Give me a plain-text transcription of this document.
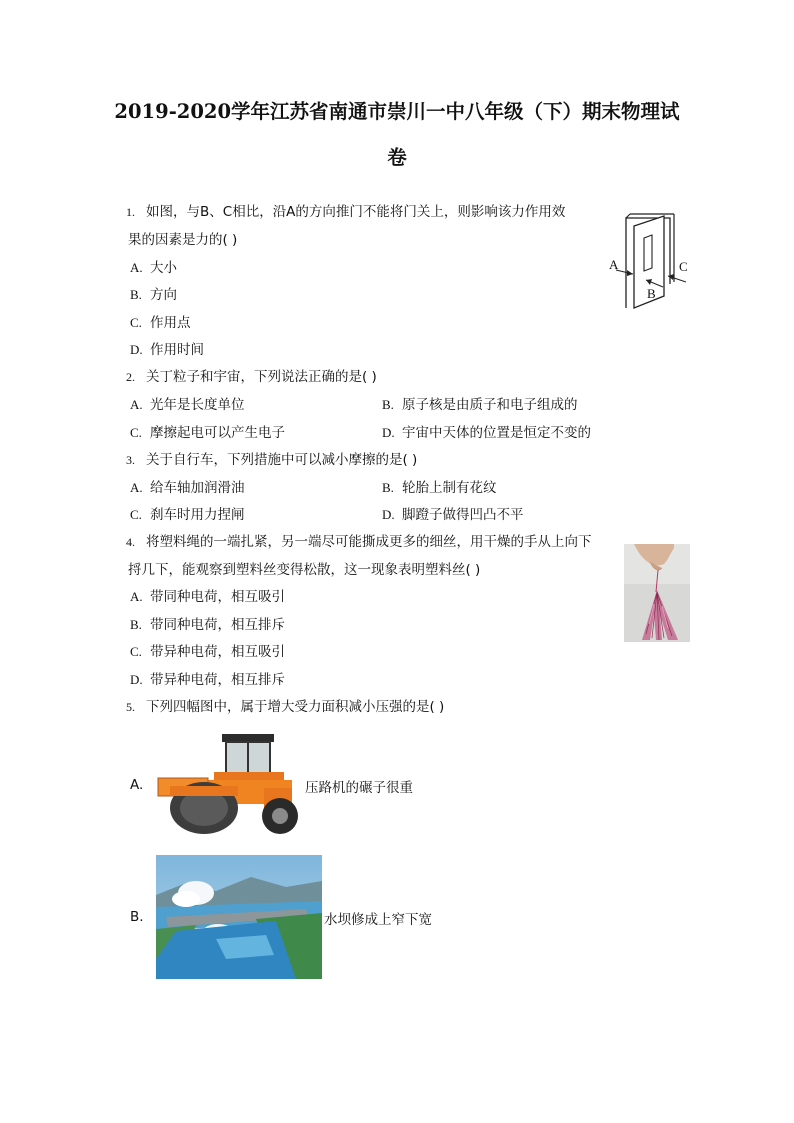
2019-2020学年江苏省南通市崇川一中八年级（下）期末物理试
卷
1. 如图，与B、C相比，沿A的方向推门不能将门关上，则影响该力作用效
果的因素是力的( )
A. 大小
B. 方向
C. 作用点
D. 作用时间
A
B
C
2. 关丁粒子和宇宙，下列说法正确的是( )
A. 光年是长度单位	B. 原子核是由质子和电子组成的
C. 摩擦起电可以产生电子	D. 宇宙中天体的位置是恒定不变的
3. 关于自行车，下列措施中可以减小摩擦的是( )
A. 给车轴加润滑油	B. 轮胎上制有花纹
C. 刹车时用力捏闸	D. 脚蹬子做得凹凸不平
4. 将塑料绳的一端扎紧，另一端尽可能撕成更多的细丝，用干燥的手从上向下
捋几下，能观察到塑料丝变得松散，这一现象表明塑料丝( )
A. 带同种电荷，相互吸引
B. 带同种电荷，相互排斥
C. 带异种电荷，相互吸引
D. 带异种电荷，相互排斥
5. 下列四幅图中，属于增大受力面积减小压强的是( )
A.	压路机的碾子很重
B.	水坝修成上窄下宽
